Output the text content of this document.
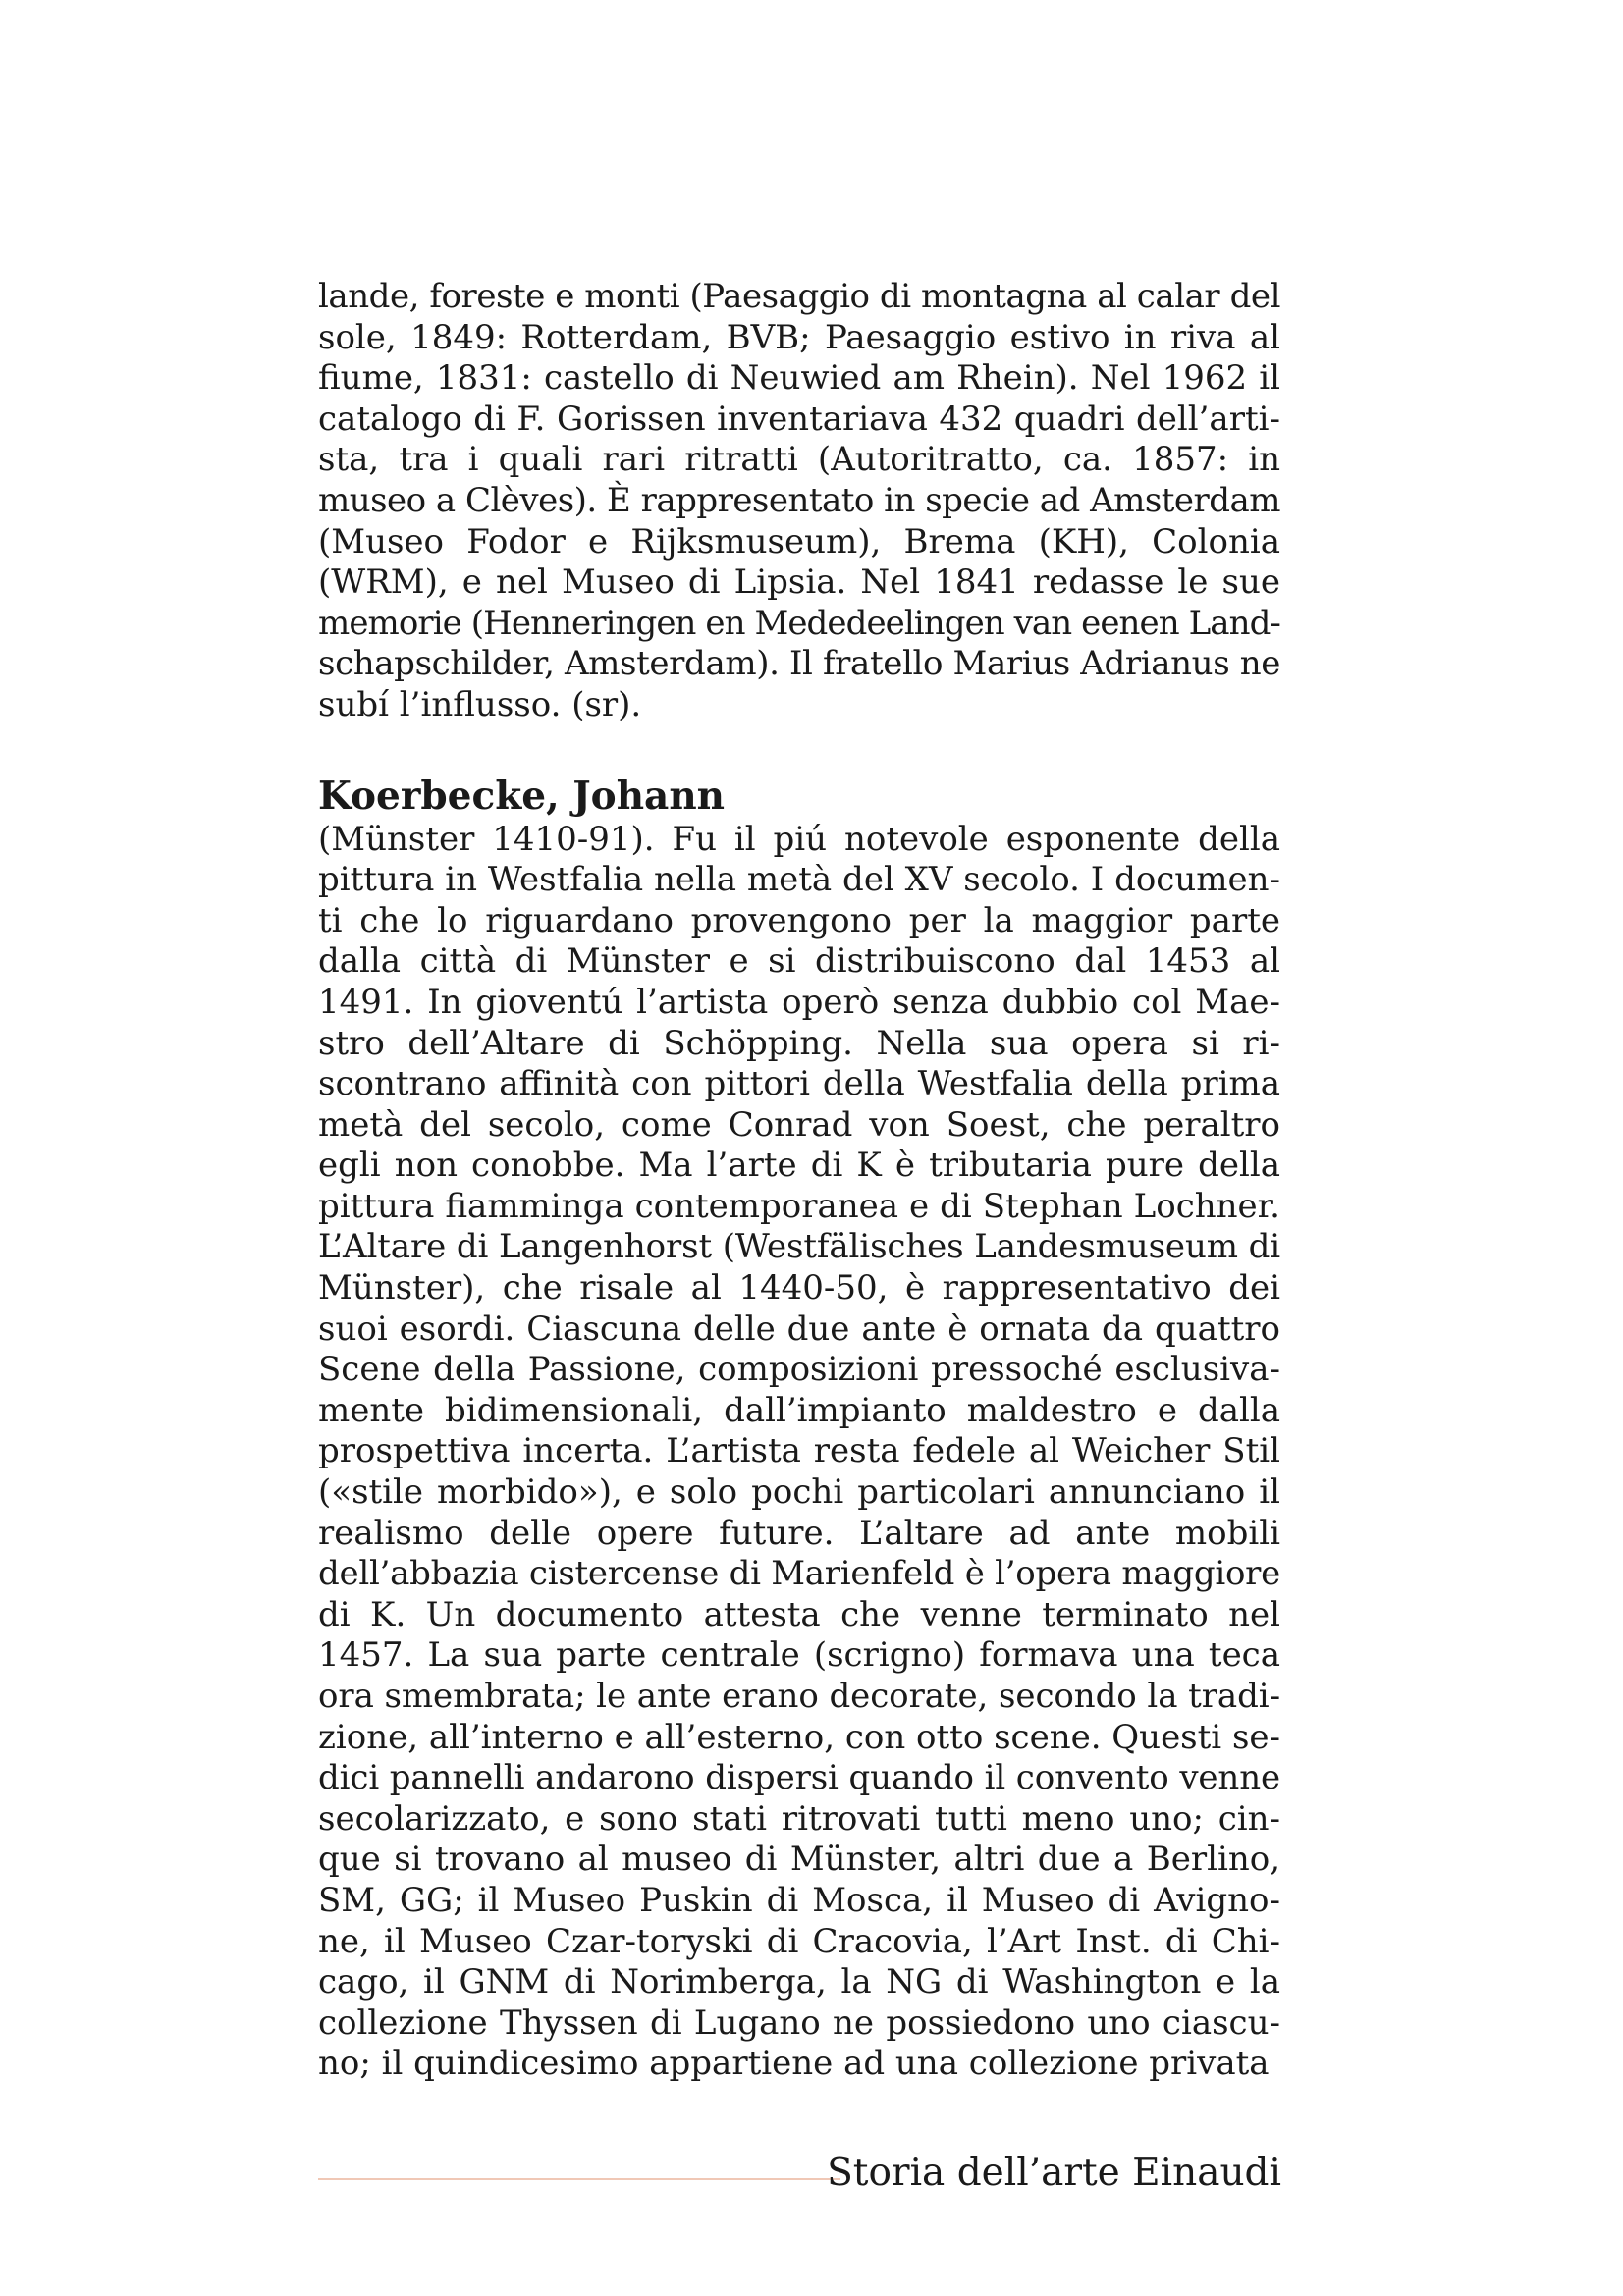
lande, foreste e monti (Paesaggio di montagna al calar del
sole, 1849: Rotterdam, BVB; Paesaggio estivo in riva al
fiume, 1831: castello di Neuwied am Rhein). Nel 1962 il
catalogo di F. Gorissen inventariava 432 quadri dell’arti-
sta, tra i quali rari ritratti (Autoritratto, ca. 1857: in
museo a Clèves). È rappresentato in specie ad Amsterdam
(Museo Fodor e Rijksmuseum), Brema (KH), Colonia
(WRM), e nel Museo di Lipsia. Nel 1841 redasse le sue
memorie (Henneringen en Mededeelingen van eenen Land-
schapschilder, Amsterdam). Il fratello Marius Adrianus ne
subí l’influsso. (sr).
Koerbecke, Johann
(Münster 1410-91). Fu il piú notevole esponente della
pittura in Westfalia nella metà del XV secolo. I documen-
ti che lo riguardano provengono per la maggior parte
dalla città di Münster e si distribuiscono dal 1453 al
1491. In gioventú l’artista operò senza dubbio col Mae-
stro dell’Altare di Schöpping. Nella sua opera si ri-
scontrano affinità con pittori della Westfalia della prima
metà del secolo, come Conrad von Soest, che peraltro
egli non conobbe. Ma l’arte di K è tributaria pure della
pittura fiamminga contemporanea e di Stephan Lochner.
L’Altare di Langenhorst (Westfälisches Landesmuseum di
Münster), che risale al 1440-50, è rappresentativo dei
suoi esordi. Ciascuna delle due ante è ornata da quattro
Scene della Passione, composizioni pressoché esclusiva-
mente bidimensionali, dall’impianto maldestro e dalla
prospettiva incerta. L’artista resta fedele al Weicher Stil
(«stile morbido»), e solo pochi particolari annunciano il
realismo delle opere future. L’altare ad ante mobili
dell’abbazia cistercense di Marienfeld è l’opera maggiore
di K. Un documento attesta che venne terminato nel
1457. La sua parte centrale (scrigno) formava una teca
ora smembrata; le ante erano decorate, secondo la tradi-
zione, all’interno e all’esterno, con otto scene. Questi se-
dici pannelli andarono dispersi quando il convento venne
secolarizzato, e sono stati ritrovati tutti meno uno; cin-
que si trovano al museo di Münster, altri due a Berlino,
SM, GG; il Museo Puskin di Mosca, il Museo di Avigno-
ne, il Museo Czar-toryski di Cracovia, l’Art Inst. di Chi-
cago, il GNM di Norimberga, la NG di Washington e la
collezione Thyssen di Lugano ne possiedono uno ciascu-
no; il quindicesimo appartiene ad una collezione privata
Storia dell’arte Einaudi
